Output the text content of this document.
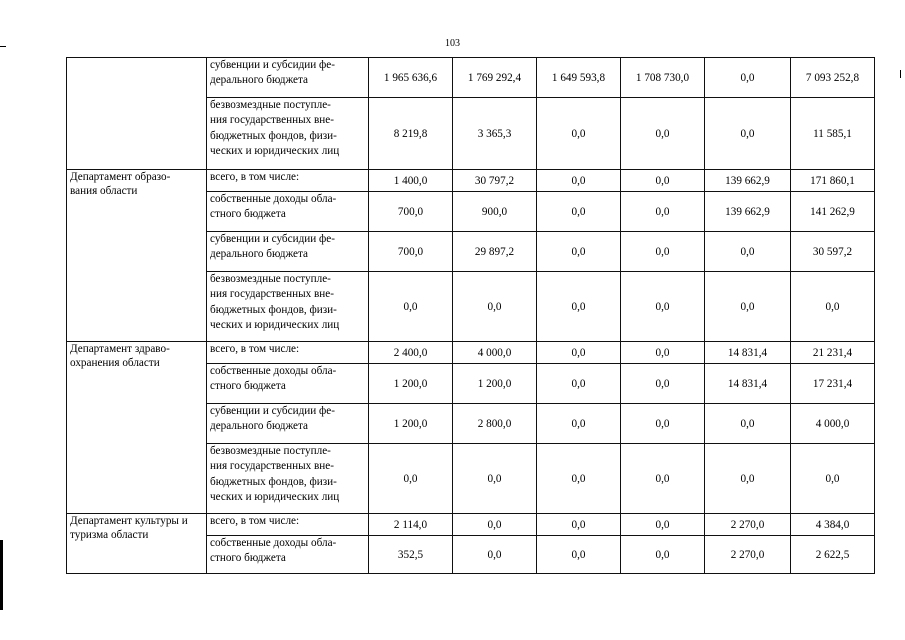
103
	субвенции и субсидии фе-
дерального бюджета	1 965 636,6	1 769 292,4	1 649 593,8	1 708 730,0	0,0	7 093 252,8
	безвозмездные поступле-
ния государственных вне-
бюджетных фондов, физи-
ческих и юридических лиц	8 219,8	3 365,3	0,0	0,0	0,0	11 585,1
Департамент образо-
вания области	всего, в том числе:	1 400,0	30 797,2	0,0	0,0	139 662,9	171 860,1
	собственные доходы обла-
стного бюджета	700,0	900,0	0,0	0,0	139 662,9	141 262,9
	субвенции и субсидии фе-
дерального бюджета	700,0	29 897,2	0,0	0,0	0,0	30 597,2
	безвозмездные поступле-
ния государственных вне-
бюджетных фондов, физи-
ческих и юридических лиц	0,0	0,0	0,0	0,0	0,0	0,0
Департамент здраво-
охранения области	всего, в том числе:	2 400,0	4 000,0	0,0	0,0	14 831,4	21 231,4
	собственные доходы обла-
стного бюджета	1 200,0	1 200,0	0,0	0,0	14 831,4	17 231,4
	субвенции и субсидии фе-
дерального бюджета	1 200,0	2 800,0	0,0	0,0	0,0	4 000,0
	безвозмездные поступле-
ния государственных вне-
бюджетных фондов, физи-
ческих и юридических лиц	0,0	0,0	0,0	0,0	0,0	0,0
Департамент культуры и
туризма области	всего, в том числе:	2 114,0	0,0	0,0	0,0	2 270,0	4 384,0
	собственные доходы обла-
стного бюджета	352,5	0,0	0,0	0,0	2 270,0	2 622,5
